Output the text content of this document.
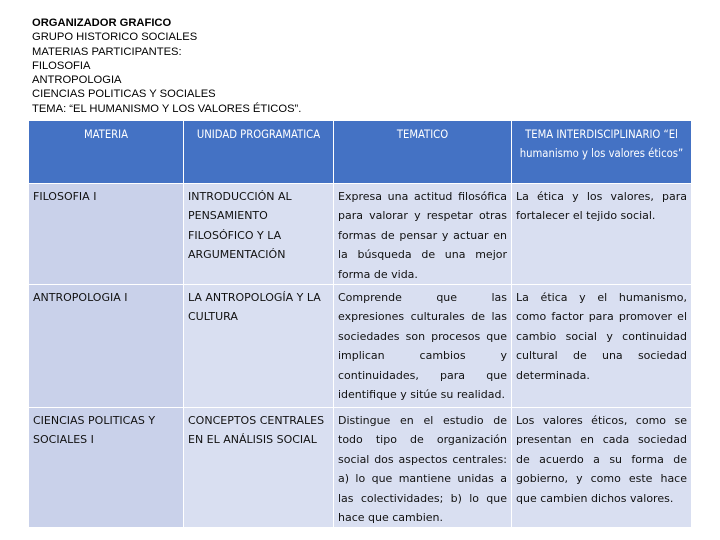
ORGANIZADOR GRAFICO
GRUPO HISTORICO SOCIALES
MATERIAS PARTICIPANTES:
FILOSOFIA
ANTROPOLOGIA
CIENCIAS POLITICAS Y SOCIALES
TEMA: “EL HUMANISMO Y LOS VALORES ÉTICOS”.
MATERIA	UNIDAD PROGRAMATICA	TEMATICO	TEMA INTERDISCIPLINARIO “El humanismo y los valores éticos”
FILOSOFIA I	INTRODUCCIÓN AL PENSAMIENTO FILOSÓFICO Y LA ARGUMENTACIÓN	Expresa una actitud filosófica para valorar y respetar otras formas de pensar y actuar en la búsqueda de una mejor forma de vida.	La ética y los valores, para fortalecer el tejido social.
ANTROPOLOGIA I	LA ANTROPOLOGÍA Y LA CULTURA	Comprende que las expresiones culturales de las sociedades son procesos que implican cambios y continuidades, para que identifique y sitúe su realidad.	La ética y el humanismo, como factor para promover el cambio social y continuidad cultural de una sociedad determinada.
CIENCIAS POLITICAS Y SOCIALES I	CONCEPTOS CENTRALES EN EL ANÁLISIS SOCIAL	Distingue en el estudio de todo tipo de organización social dos aspectos centrales: a) lo que mantiene unidas a las colectividades; b) lo que hace que cambien.	Los valores éticos, como se presentan en cada sociedad de acuerdo a su forma de gobierno, y como este hace que cambien dichos valores.
